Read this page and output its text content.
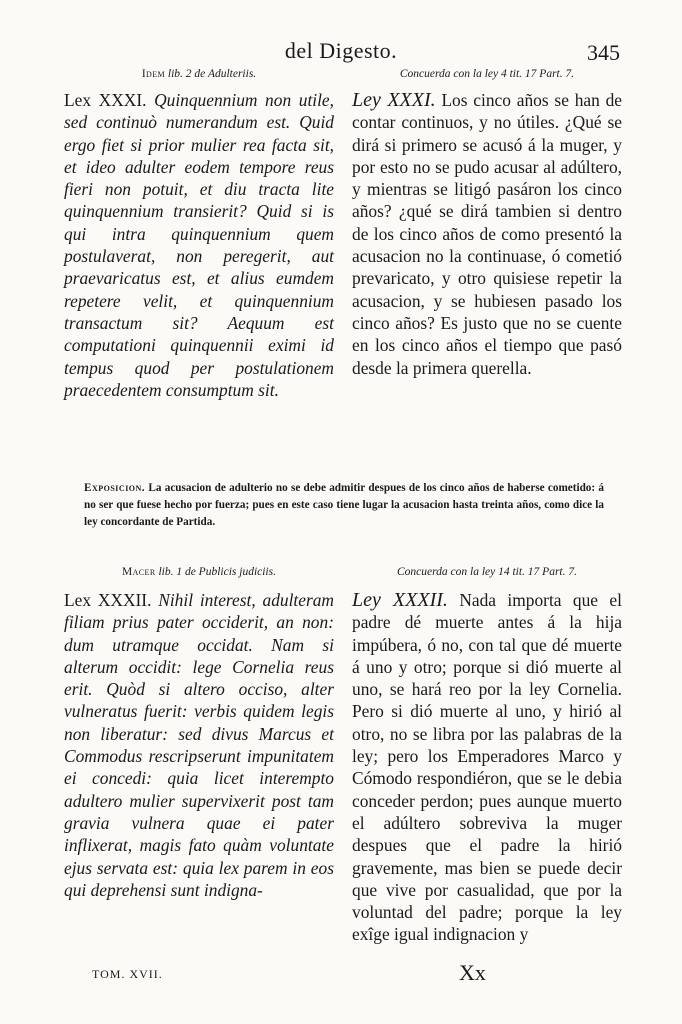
del Digesto.	345
Idem lib. 2 de Adulteriis.
Lex XXXI. Quinquennium non utile, sed continuò numerandum est. Quid ergo fiet si prior mulier rea facta sit, et ideo adulter eodem tempore reus fieri non potuit, et diu tracta lite quinquennium transierit? Quid si is qui intra quinquennium quem postulaverat, non peregerit, aut praevaricatus est, et alius eumdem repetere velit, et quinquennium transactum sit? Aequum est computationi quinquennii eximi id tempus quod per postulationem praecedentem consumptum sit.
Concuerda con la ley 4 tit. 17 Part. 7.
Ley XXXI. Los cinco años se han de contar continuos, y no útiles. ¿Qué se dirá si primero se acusó á la muger, y por esto no se pudo acusar al adúltero, y mientras se litigó pasáron los cinco años? ¿qué se dirá tambien si dentro de los cinco años de como presentó la acusacion no la continuase, ó cometió prevaricato, y otro quisiese repetir la acusacion, y se hubiesen pasado los cinco años? Es justo que no se cuente en los cinco años el tiempo que pasó desde la primera querella.
Exposicion. La acusacion de adulterio no se debe admitir despues de los cinco años de haberse cometido: á no ser que fuese hecho por fuerza; pues en este caso tiene lugar la acusacion hasta treinta años, como dice la ley concordante de Partida.
Macer lib. 1 de Publicis judiciis.
Lex XXXII. Nihil interest, adulteram filiam prius pater occiderit, an non: dum utramque occidat. Nam si alterum occidit: lege Cornelia reus erit. Quòd si altero occiso, alter vulneratus fuerit: verbis quidem legis non liberatur: sed divus Marcus et Commodus rescripserunt impunitatem ei concedi: quia licet interempto adultero mulier supervixerit post tam gravia vulnera quae ei pater inflixerat, magis fato quàm voluntate ejus servata est: quia lex parem in eos qui deprehensi sunt indigna-
Concuerda con la ley 14 tit. 17 Part. 7.
Ley XXXII. Nada importa que el padre dé muerte antes á la hija impúbera, ó no, con tal que dé muerte á uno y otro; porque si dió muerte al uno, se hará reo por la ley Cornelia. Pero si dió muerte al uno, y hirió al otro, no se libra por las palabras de la ley; pero los Emperadores Marco y Cómodo respondiéron, que se le debia conceder perdon; pues aunque muerto el adúltero sobreviva la muger despues que el padre la hirió gravemente, mas bien se puede decir que vive por casualidad, que por la voluntad del padre; porque la ley exîge igual indignacion y
TOM. XVII.	Xx
